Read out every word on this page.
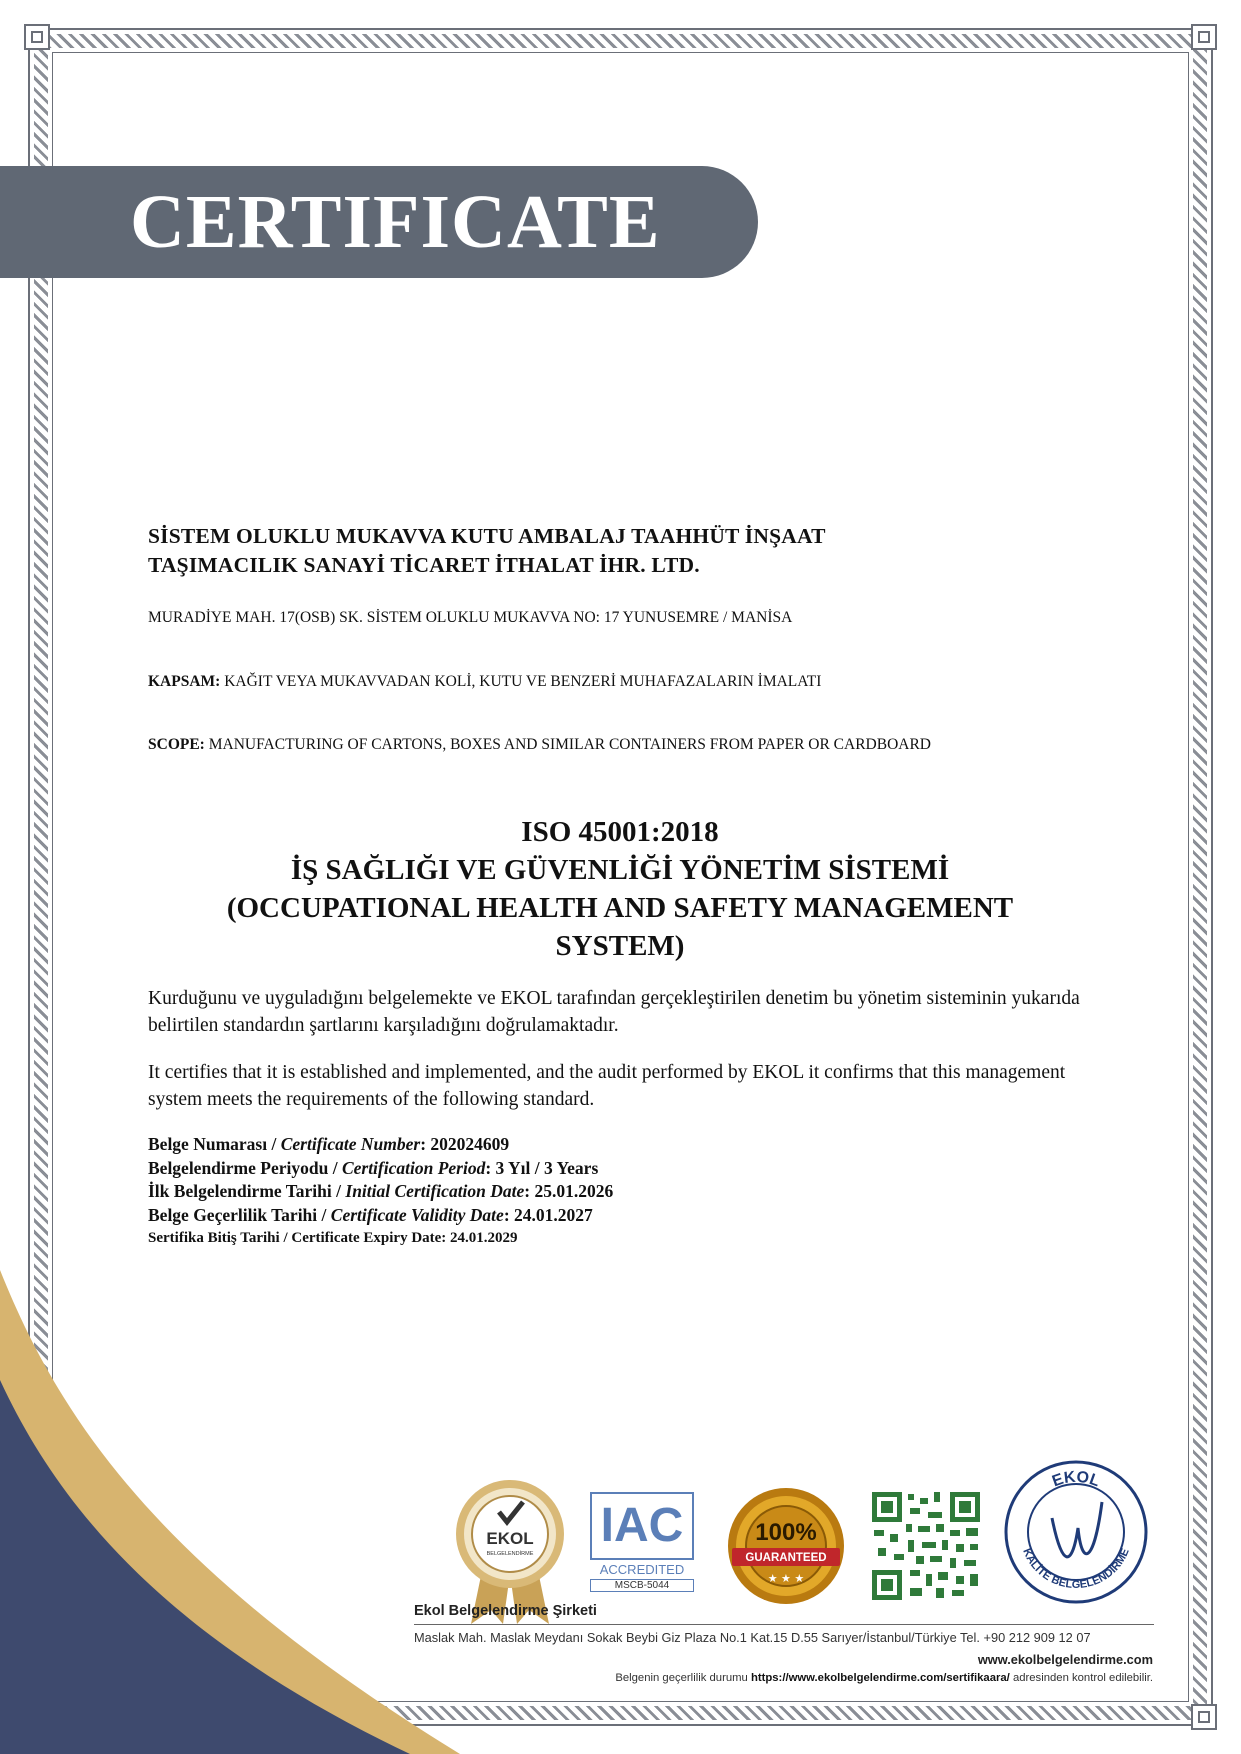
CERTIFICATE
SİSTEM OLUKLU MUKAVVA KUTU AMBALAJ TAAHHÜT İNŞAAT
TAŞIMACILIK SANAYİ TİCARET İTHALAT İHR. LTD.
MURADİYE MAH. 17(OSB) SK. SİSTEM OLUKLU MUKAVVA NO: 17 YUNUSEMRE / MANİSA
KAPSAM: KAĞIT VEYA MUKAVVADAN KOLİ, KUTU VE BENZERİ MUHAFAZALARIN İMALATI
SCOPE: MANUFACTURING OF CARTONS, BOXES AND SIMILAR CONTAINERS FROM PAPER OR CARDBOARD
ISO 45001:2018
İŞ SAĞLIĞI VE GÜVENLİĞİ YÖNETİM SİSTEMİ
(OCCUPATIONAL HEALTH AND SAFETY MANAGEMENT
SYSTEM)
Kurduğunu ve uyguladığını belgelemekte ve EKOL tarafından gerçekleştirilen denetim bu yönetim sisteminin yukarıda belirtilen standardın şartlarını karşıladığını doğrulamaktadır.
It certifies that it is established and implemented, and the audit performed by EKOL it confirms that this management system meets the requirements of the following standard.
Belge Numarası / Certificate Number: 202024609
Belgelendirme Periyodu / Certification Period: 3 Yıl / 3 Years
İlk Belgelendirme Tarihi / Initial Certification Date: 25.01.2026
Belge Geçerlilik Tarihi / Certificate Validity Date: 24.01.2027
Sertifika Bitiş Tarihi / Certificate Expiry Date: 24.01.2029
EKOL
BELGELENDİRME
IAC
ACCREDITED
MSCB-5044
100%
GUARANTEED
★ ★ ★
EKOL
KALİTE BELGELENDİRME
Ekol Belgelendirme Şirketi
Maslak Mah. Maslak Meydanı Sokak Beybi Giz Plaza No.1 Kat.15 D.55 Sarıyer/İstanbul/Türkiye Tel. +90 212 909 12 07
www.ekolbelgelendirme.com
Belgenin geçerlilik durumu https://www.ekolbelgelendirme.com/sertifikaara/ adresinden kontrol edilebilir.
